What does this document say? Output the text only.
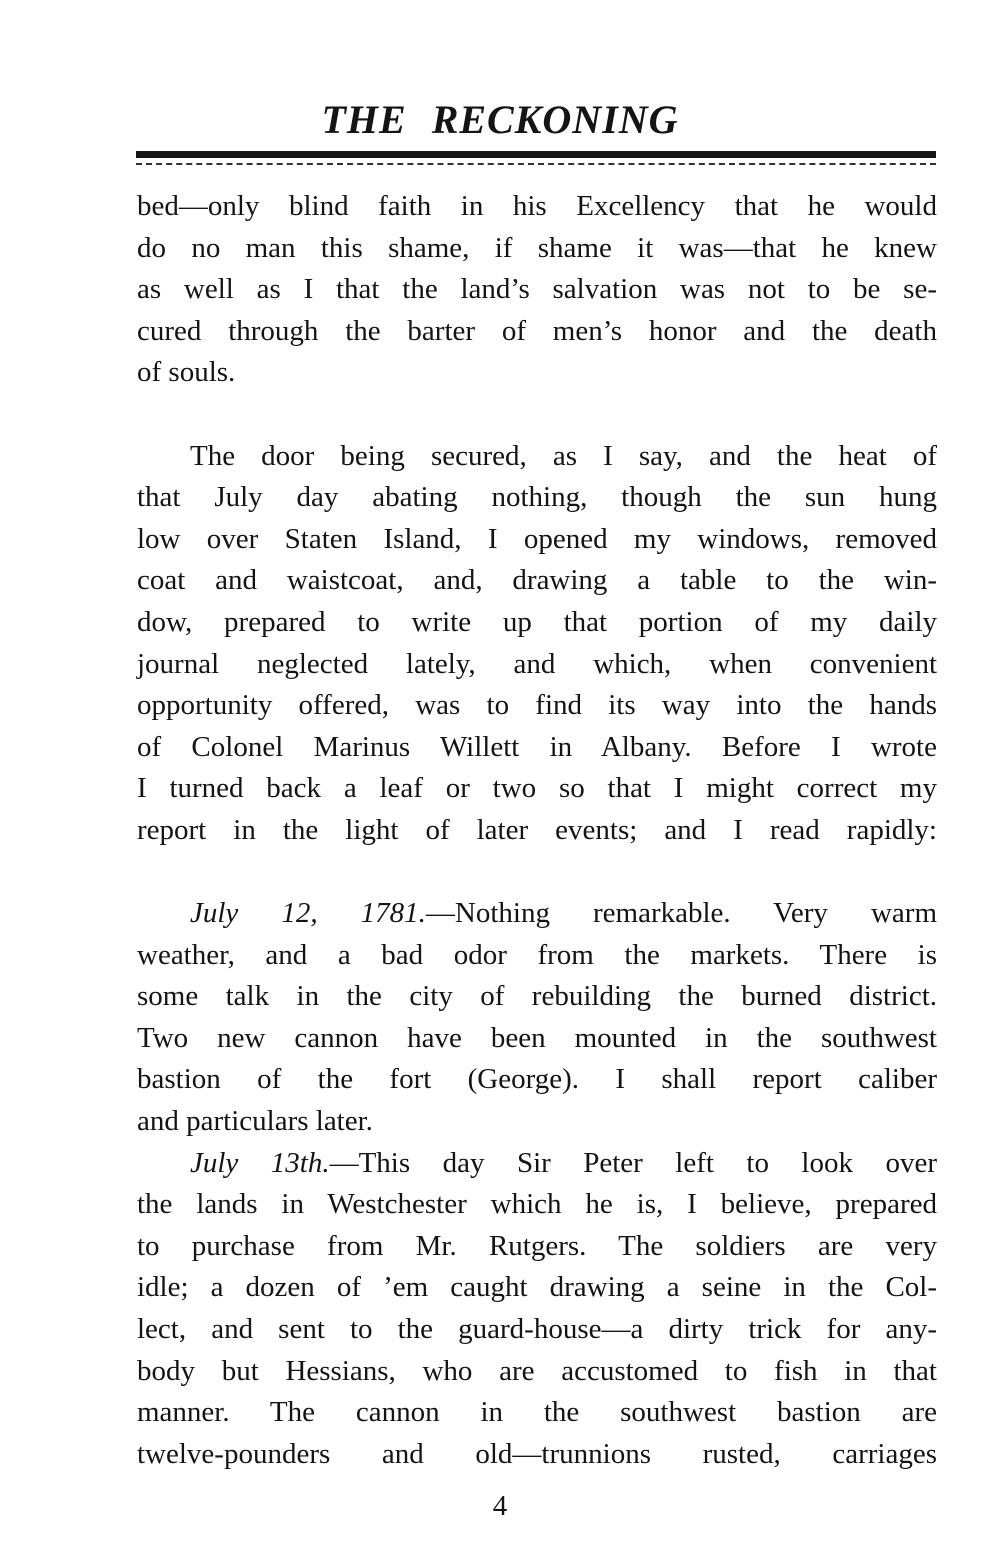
THE RECKONING
bed—only blind faith in his Excellency that he would
do no man this shame, if shame it was—that he knew
as well as I that the land’s salvation was not to be se-
cured through the barter of men’s honor and the death
of souls.
The door being secured, as I say, and the heat of
that July day abating nothing, though the sun hung
low over Staten Island, I opened my windows, removed
coat and waistcoat, and, drawing a table to the win-
dow, prepared to write up that portion of my daily
journal neglected lately, and which, when convenient
opportunity offered, was to find its way into the hands
of Colonel Marinus Willett in Albany. Before I wrote
I turned back a leaf or two so that I might correct my
report in the light of later events; and I read rapidly:
July 12, 1781.—Nothing remarkable. Very warm
weather, and a bad odor from the markets. There is
some talk in the city of rebuilding the burned district.
Two new cannon have been mounted in the southwest
bastion of the fort (George). I shall report caliber
and particulars later.
July 13th.—This day Sir Peter left to look over
the lands in Westchester which he is, I believe, prepared
to purchase from Mr. Rutgers. The soldiers are very
idle; a dozen of ’em caught drawing a seine in the Col-
lect, and sent to the guard-house—a dirty trick for any-
body but Hessians, who are accustomed to fish in that
manner. The cannon in the southwest bastion are
twelve-pounders and old—trunnions rusted, carriages
4
